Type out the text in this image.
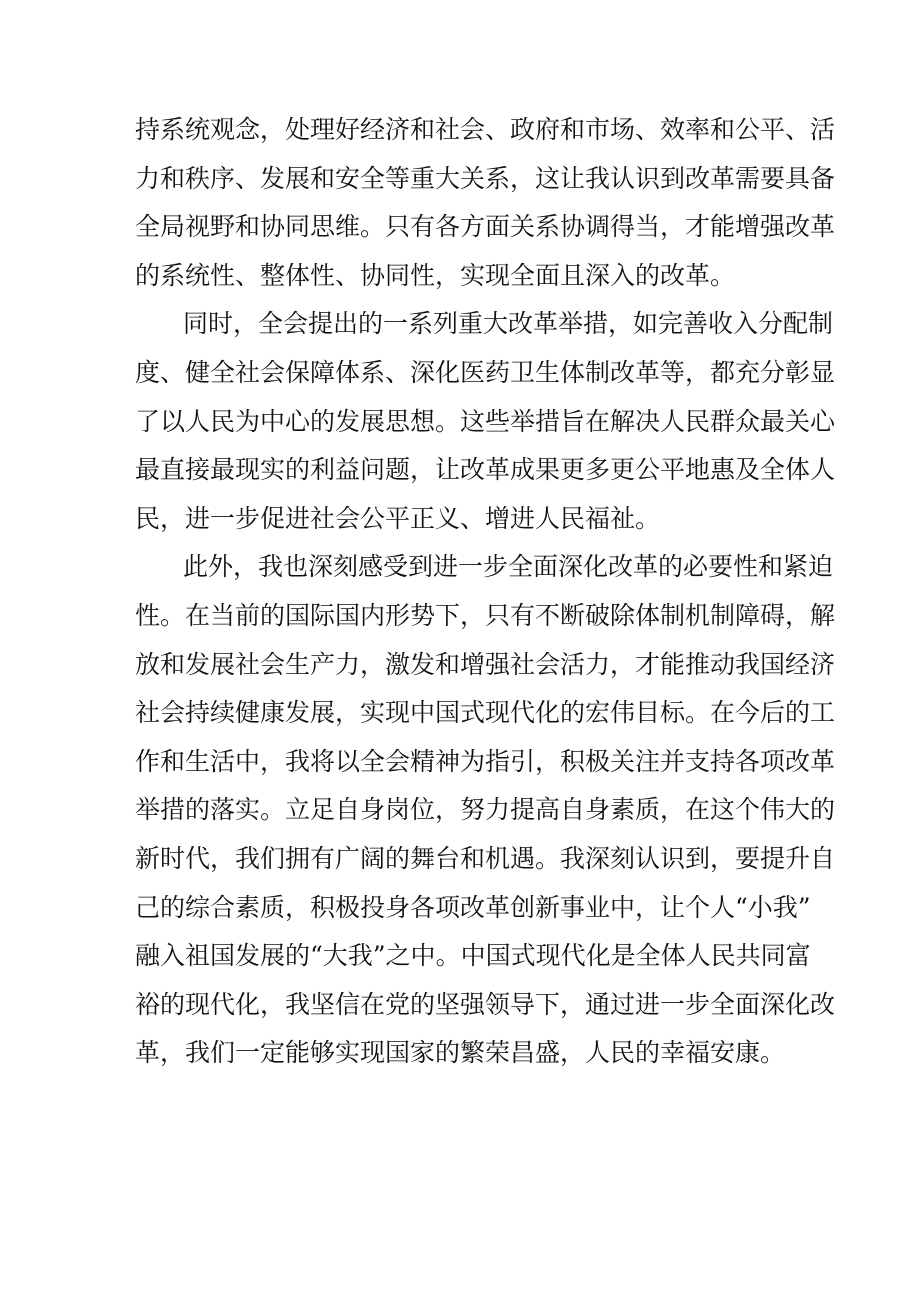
持系统观念，处理好经济和社会、政府和市场、效率和公平、活
力和秩序、发展和安全等重大关系，这让我认识到改革需要具备
全局视野和协同思维。只有各方面关系协调得当，才能增强改革
的系统性、整体性、协同性，实现全面且深入的改革。
同时，全会提出的一系列重大改革举措，如完善收入分配制
度、健全社会保障体系、深化医药卫生体制改革等，都充分彰显
了以人民为中心的发展思想。这些举措旨在解决人民群众最关心
最直接最现实的利益问题，让改革成果更多更公平地惠及全体人
民，进一步促进社会公平正义、增进人民福祉。
此外，我也深刻感受到进一步全面深化改革的必要性和紧迫
性。在当前的国际国内形势下，只有不断破除体制机制障碍，解
放和发展社会生产力，激发和增强社会活力，才能推动我国经济
社会持续健康发展，实现中国式现代化的宏伟目标。在今后的工
作和生活中，我将以全会精神为指引，积极关注并支持各项改革
举措的落实。立足自身岗位，努力提高自身素质，在这个伟大的
新时代，我们拥有广阔的舞台和机遇。我深刻认识到，要提升自
己的综合素质，积极投身各项改革创新事业中，让个人“小我”
融入祖国发展的“大我”之中。中国式现代化是全体人民共同富
裕的现代化，我坚信在党的坚强领导下，通过进一步全面深化改
革，我们一定能够实现国家的繁荣昌盛，人民的幸福安康。
